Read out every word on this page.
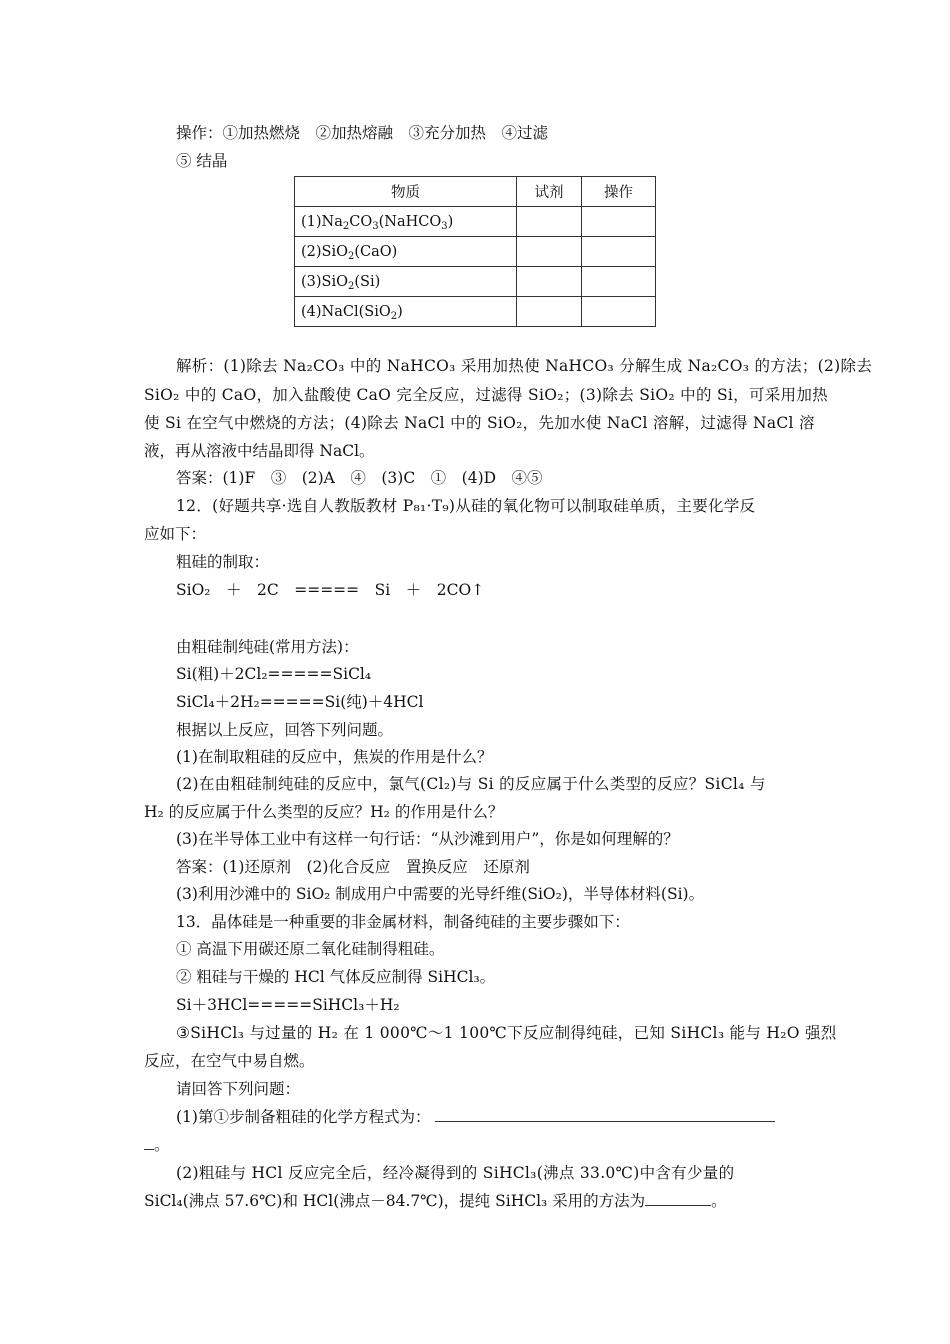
操作：①加热燃烧　②加热熔融　③充分加热　④过滤
⑤ 结晶
物质	试剂	操作
$(1)Na_2CO_3(NaHCO_3)$		
(2)SiO$_2$(CaO)		
(3)SiO$_2$(Si)		
(4)NaCl(SiO$_2$)		
解析：(1)除去 Na₂CO₃ 中的 NaHCO₃ 采用加热使 NaHCO₃ 分解生成 Na₂CO₃ 的方法；(2)除去
SiO₂ 中的 CaO，加入盐酸使 CaO 完全反应，过滤得 SiO₂；(3)除去 SiO₂ 中的 Si，可采用加热
使 Si 在空气中燃烧的方法；(4)除去 NaCl 中的 SiO₂，先加水使 NaCl 溶解，过滤得 NaCl 溶
液，再从溶液中结晶即得 NaCl。
答案：(1)F　③　(2)A　④　(3)C　①　(4)D　④⑤
12．(好题共享·选自人教版教材 P₈₁·T₉)从硅的氧化物可以制取硅单质，主要化学反
应如下：
粗硅的制取：
SiO₂　＋　2C　=====　Si　＋　2CO↑
由粗硅制纯硅(常用方法)：
Si(粗)＋2Cl₂=====SiCl₄
SiCl₄＋2H₂=====Si(纯)＋4HCl
根据以上反应，回答下列问题。
(1)在制取粗硅的反应中，焦炭的作用是什么？
(2)在由粗硅制纯硅的反应中，氯气(Cl₂)与 Si 的反应属于什么类型的反应？SiCl₄ 与
H₂ 的反应属于什么类型的反应？H₂ 的作用是什么？
(3)在半导体工业中有这样一句行话：“从沙滩到用户”，你是如何理解的？
答案：(1)还原剂　(2)化合反应　置换反应　还原剂
(3)利用沙滩中的 SiO₂ 制成用户中需要的光导纤维(SiO₂)，半导体材料(Si)。
13．晶体硅是一种重要的非金属材料，制备纯硅的主要步骤如下：
① 高温下用碳还原二氧化硅制得粗硅。
② 粗硅与干燥的 HCl 气体反应制得 SiHCl₃。
Si＋3HCl=====SiHCl₃＋H₂
③SiHCl₃ 与过量的 H₂ 在 1 000℃～1 100℃下反应制得纯硅，已知 SiHCl₃ 能与 H₂O 强烈
反应，在空气中易自燃。
请回答下列问题：
(1)第①步制备粗硅的化学方程式为：
。
(2)粗硅与 HCl 反应完全后，经冷凝得到的 SiHCl₃(沸点 33.0℃)中含有少量的
SiCl₄(沸点 57.6℃)和 HCl(沸点－84.7℃)，提纯 SiHCl₃ 采用的方法为	。
